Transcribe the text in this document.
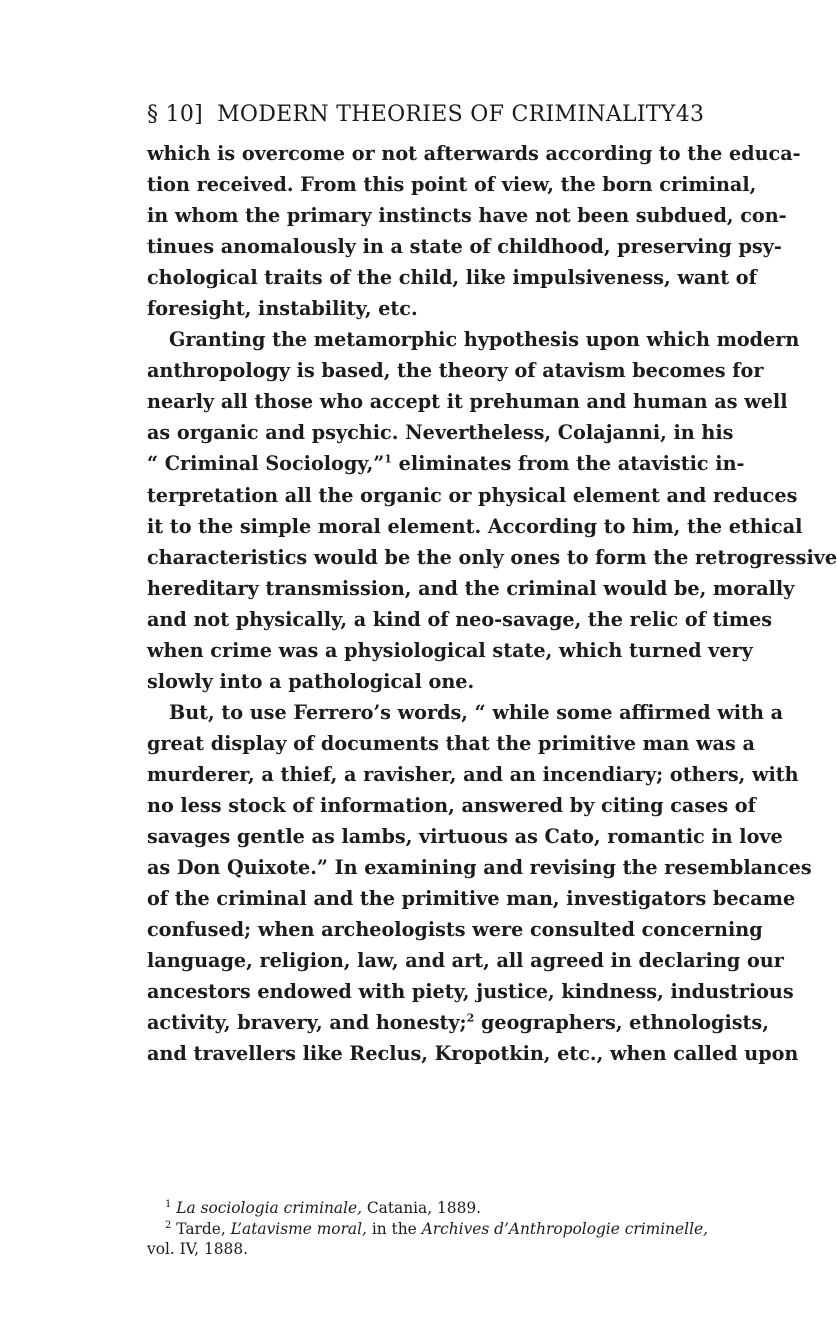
§ 10] MODERN THEORIES OF CRIMINALITY 43
which is overcome or not afterwards according to the educa-
tion received. From this point of view, the born criminal,
in whom the primary instincts have not been subdued, con-
tinues anomalously in a state of childhood, preserving psy-
chological traits of the child, like impulsiveness, want of
foresight, instability, etc.
Granting the metamorphic hypothesis upon which modern
anthropology is based, the theory of atavism becomes for
nearly all those who accept it prehuman and human as well
as organic and psychic. Nevertheless, Colajanni, in his
“ Criminal Sociology,”$^1$ eliminates from the atavistic in-
terpretation all the organic or physical element and reduces
it to the simple moral element. According to him, the ethical
characteristics would be the only ones to form the retrogressive
hereditary transmission, and the criminal would be, morally
and not physically, a kind of neo-savage, the relic of times
when crime was a physiological state, which turned very
slowly into a pathological one.
But, to use Ferrero’s words, “ while some affirmed with a
great display of documents that the primitive man was a
murderer, a thief, a ravisher, and an incendiary; others, with
no less stock of information, answered by citing cases of
savages gentle as lambs, virtuous as Cato, romantic in love
as Don Quixote.” In examining and revising the resemblances
of the criminal and the primitive man, investigators became
confused; when archeologists were consulted concerning
language, religion, law, and art, all agreed in declaring our
ancestors endowed with piety, justice, kindness, industrious
activity, bravery, and honesty;$^2$ geographers, ethnologists,
and travellers like Reclus, Kropotkin, etc., when called upon
$^1$ La sociologia criminale, Catania, 1889.
$^2$ Tarde, L’atavisme moral, in the Archives d’Anthropologie criminelle,
vol. IV, 1888.
